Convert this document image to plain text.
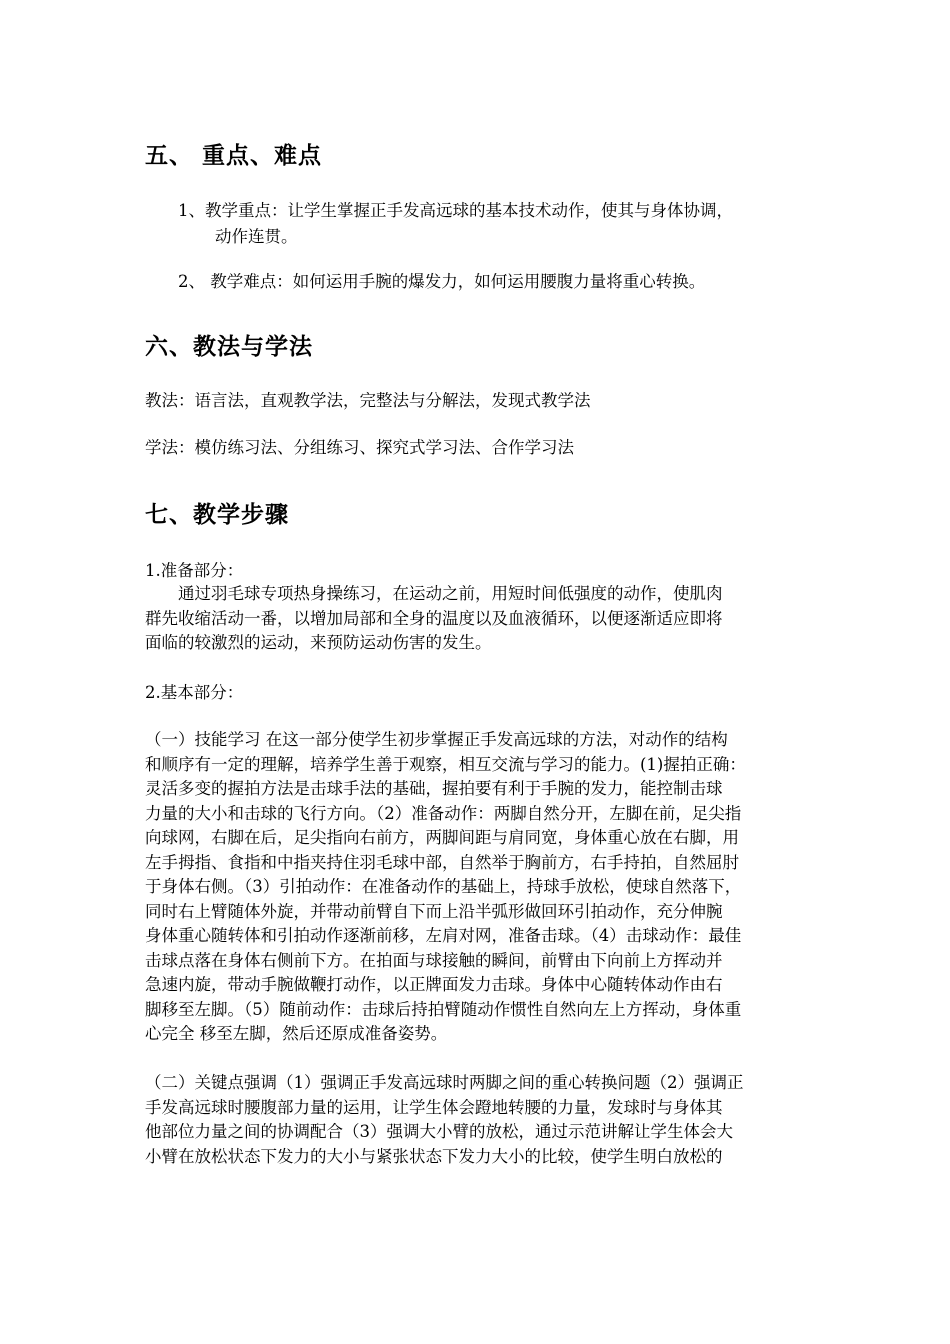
五、 重点、难点
1、教学重点：让学生掌握正手发高远球的基本技术动作，使其与身体协调，
动作连贯。
2、 教学难点：如何运用手腕的爆发力，如何运用腰腹力量将重心转换。
六、教法与学法
教法：语言法，直观教学法，完整法与分解法，发现式教学法
学法：模仿练习法、分组练习、探究式学习法、合作学习法
七、教学步骤
1.准备部分：
　　通过羽毛球专项热身操练习，在运动之前，用短时间低强度的动作，使肌肉
群先收缩活动一番，以增加局部和全身的温度以及血液循环，以便逐渐适应即将
面临的较激烈的运动，来预防运动伤害的发生。
2.基本部分：
（一）技能学习 在这一部分使学生初步掌握正手发高远球的方法，对动作的结构
和顺序有一定的理解，培养学生善于观察，相互交流与学习的能力。(1)握拍正确：
灵活多变的握拍方法是击球手法的基础，握拍要有利于手腕的发力，能控制击球
力量的大小和击球的飞行方向。（2）准备动作：两脚自然分开，左脚在前，足尖指
向球网，右脚在后，足尖指向右前方，两脚间距与肩同宽，身体重心放在右脚，用
左手拇指、食指和中指夹持住羽毛球中部，自然举于胸前方，右手持拍，自然屈肘
于身体右侧。（3）引拍动作：在准备动作的基础上，持球手放松，使球自然落下，
同时右上臂随体外旋，并带动前臂自下而上沿半弧形做回环引拍动作，充分伸腕
身体重心随转体和引拍动作逐渐前移，左肩对网，准备击球。（4）击球动作：最佳
击球点落在身体右侧前下方。在拍面与球接触的瞬间，前臂由下向前上方挥动并
急速内旋，带动手腕做鞭打动作，以正牌面发力击球。身体中心随转体动作由右
脚移至左脚。（5）随前动作：击球后持拍臂随动作惯性自然向左上方挥动，身体重
心完全 移至左脚，然后还原成准备姿势。
（二）关键点强调（1）强调正手发高远球时两脚之间的重心转换问题（2）强调正
手发高远球时腰腹部力量的运用，让学生体会蹬地转腰的力量，发球时与身体其
他部位力量之间的协调配合（3）强调大小臂的放松，通过示范讲解让学生体会大
小臂在放松状态下发力的大小与紧张状态下发力大小的比较，使学生明白放松的
